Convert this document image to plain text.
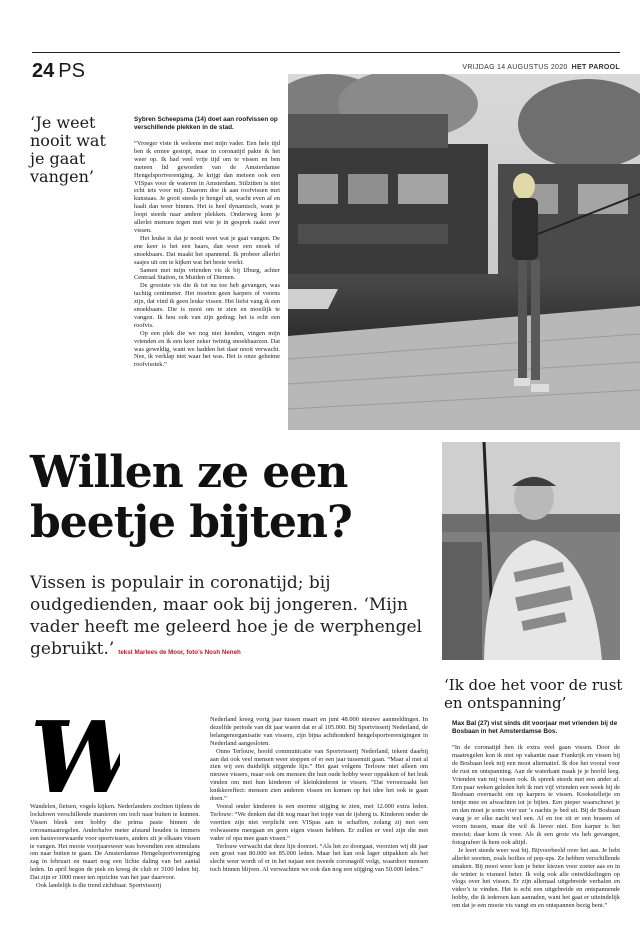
24 PS	VRIJDAG 14 AUGUSTUS 2020 HET PAROOL
‘Je weet nooit wat je gaat vangen’
Sybren Scheepsma (14) doet aan roofvissen op verschillende plekken in de stad.

“Vroeger viste ik weleens met mijn vader. Een hele tijd ben ik ermee gestopt, maar in coronatijd pakte ik het weer op. Ik had veel vrije tijd om te vissen en ben meteen lid geworden van de Amsterdamse Hengelsportvereniging. Je krijgt dan meteen ook een VISpas voor de wateren in Amsterdam. Stilzitten is niet echt iets voor mij. Daarom doe ik aan roofvissen met kunstaas. Je gooit steeds je hengel uit, wacht even af en haalt dan weer binnen. Het is heel dynamisch, want je loopt steeds naar andere plekken. Onderweg kom je allerlei mensen tegen met wie je in gesprek raakt over vissen.

Het leuke is dat je nooit weet wat je gaat vangen. De ene keer is het een baars, dan weer een snoek of snoekbaars. Dat maakt het spannend. Ik probeer allerlei saajes uit om te kijken wat het beste werkt.

Samen met mijn vrienden vis ik bij IJburg, achter Centraal Station, in Muiden of Diemen.

De grootste vis die ik tot nu toe heb gevangen, was tachtig centimeter. Het moeten geen karpers of voorns zijn, dat vind ik geen leuke vissen. Het liefst vang ik een snoekbaars. Die is mooi om te zien en moeilijk te vangen. Ik hou ook van zijn gedrag; het is echt een roofvis.

Op een plek die we nog niet kenden, vingen mijn vrienden en ik een keer zeker twintig snoekbaarzen. Dat was geweldig, want we hadden het daar nooit verwacht. Nee, ik verklap niet waar het was. Het is onze geheime roofvisstek.”

Willen ze een beetje bijten?
Vissen is populair in coronatijd; bij oudgedienden, maar ook bij jongeren. ‘Mijn vader heeft me geleerd hoe je de werphengel gebruikt.’ tekst Marlees de Moor, foto’s Nosh Neneh
‘Ik doe het voor de rust en ontspanning’

Wandelen, fietsen, vogels kijken. Nederlanders zochten tijdens de lockdown verschillende manieren om toch naar buiten te kunnen. Vissen bleek een hobby die prima paste binnen de coronamaatregelen. Anderhalve meter afstand houden is immers een basisvoorwaarde voor sportvissers, anders zit je elkaars vissen te vangen. Het mooie voorjaarsweer was bovendien een stimulans om naar buiten te gaan. De Amsterdamse Hengelsportvereniging zag in februari en maart nog een lichte daling van het aantal leden. In april begon de piek en kreeg de club er 3100 leden bij. Dat zijn er 1000 meer ten opzichte van het jaar daarvoor.

Ook landelijk is die trend zichtbaar. Sportvisserij

Nederland kreeg vorig jaar tussen maart en juni 48.000 nieuwe aanmeldingen. In dezelfde periode van dit jaar waren dat er al 105.000. Bij Sportvisserij Nederland, de belangenorganisatie van vissers, zijn bijna achthonderd hengelsportverenigingen in Nederland aangesloten.

Onno Terlouw, hoofd communicatie van Sportvisserij Nederland, tekent daarbij aan dat ook veel mensen weer stoppen of er een jaar tussenuit gaan. “Maar al met al zien wij een duidelijk stijgende lijn.” Het gaat volgens Terlouw niet alleen om nieuwe vissers, maar ook om mensen die hun oude hobby weer oppakken of het leuk vinden om met hun kinderen of kleinkinderen te vissen. “Dat veroorzaakt het knikkereffect: mensen zien anderen vissen en komen op het idee het ook te gaan doen.”

Vooral onder kinderen is een enorme stijging te zien, met 12.000 extra leden. Terlouw: “We denken dat dit nog maar het topje van de ijsberg is. Kinderen onder de veertien zijn niet verplicht een VISpas aan te schaffen, zolang zij met een volwassene meegaan en geen eigen vissen hebben. Er zullen er veel zijn die met vader of opa mee gaan vissen.”

Terlouw verwacht dat deze lijn doorzet. “Als het zo doorgaat, voorzien wij dit jaar een groei van 80.000 tot 85.000 leden. Maar het kan ook lager uitpakken als het slecht weer wordt of er in het najaar een tweede coronagolf volgt, waardoor mensen toch binnen blijven. Al verwachten we ook dan nog een stijging van 50.000 leden.”

Max Bal (27) vist sinds dit voorjaar met vrienden bij de Bosbaan in het Amsterdamse Bos.

“In de coronatijd ben ik extra veel gaan vissen. Door de maatregelen kon ik niet op vakantie naar Frankrijk en vissen bij de Bosbaan leek mij een mooi alternatief. Ik doe het vooral voor de rust en ontspanning. Aan de waterkant maak je je hoofd leeg. Vrienden van mij vissen ook. Ik spreek steeds met een ander af. Een paar weken geleden heb ik met vijf vrienden een week bij de Bosbaan overnacht om op karpers te vissen. Kookstelletje en tentje mee en afwachten tot je bijten. Een pieper waarschuwt je en dan moet je soms vier uur ‘s nachts je bed uit. Bij de Bosbaan vang je er elke nacht wel een. Af en toe zit er een brasem of voorn tussen, maar die wil ik liever niet. Een karper is het mooist; daar kom ik voor. Als ik een grote vis heb gevangen, fotografeer ik hem ook altijd.

Je leert steeds weer wat bij. Bijvoorbeeld over het aas. Je hebt allerlei soorten, zoals boilies of pop-ups. Ze hebben verschillende smaken. Bij mooi weer kun je beter kiezen voor zoeter aas en in de winter is vismeel beter. Ik volg ook alle ontwikkelingen op vlogs over het vissen. Er zijn allemaal uitgebreide verhalen en video’s te vinden. Het is echt een uitgebreide en ontspannende hobby, die ik iedereen kan aanraden, want het gaat er uiteindelijk om dat je een mooie vis vangt en en ontspannen bezig bent.”
